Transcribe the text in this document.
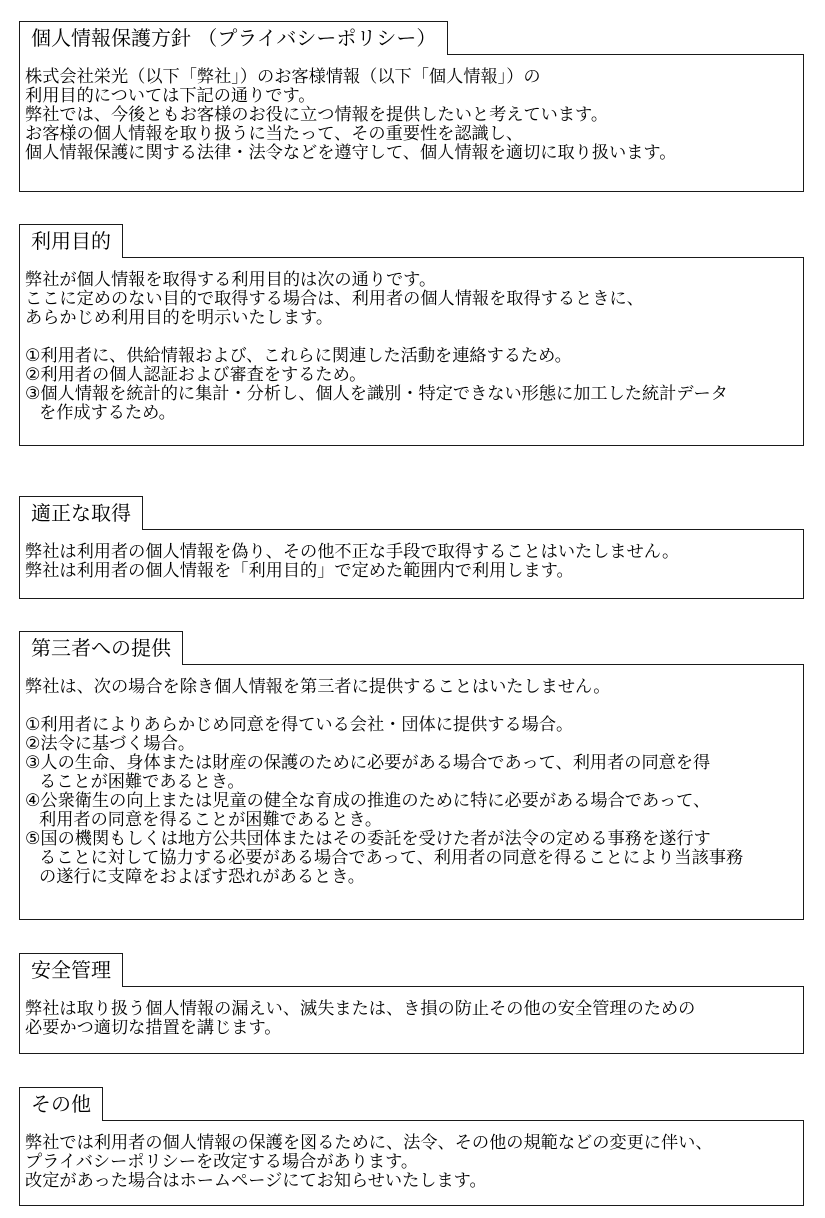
個人情報保護方針 （プライバシーポリシー）
株式会社栄光（以下「弊社」）のお客様情報（以下「個人情報」）の
利用目的については下記の通りです。
弊社では、今後ともお客様のお役に立つ情報を提供したいと考えています。
お客様の個人情報を取り扱うに当たって、その重要性を認識し、
個人情報保護に関する法律・法令などを遵守して、個人情報を適切に取り扱います。
利用目的
弊社が個人情報を取得する利用目的は次の通りです。
ここに定めのない目的で取得する場合は、利用者の個人情報を取得するときに、
あらかじめ利用目的を明示いたします。
①利用者に、供給情報および、これらに関連した活動を連絡するため。
②利用者の個人認証および審査をするため。
③個人情報を統計的に集計・分析し、個人を識別・特定できない形態に加工した統計データ
を作成するため。
適正な取得
弊社は利用者の個人情報を偽り、その他不正な手段で取得することはいたしません。
弊社は利用者の個人情報を「利用目的」で定めた範囲内で利用します。
第三者への提供
弊社は、次の場合を除き個人情報を第三者に提供することはいたしません。
①利用者によりあらかじめ同意を得ている会社・団体に提供する場合。
②法令に基づく場合。
③人の生命、身体または財産の保護のために必要がある場合であって、利用者の同意を得
ることが困難であるとき。
④公衆衛生の向上または児童の健全な育成の推進のために特に必要がある場合であって、
利用者の同意を得ることが困難であるとき。
⑤国の機関もしくは地方公共団体またはその委託を受けた者が法令の定める事務を遂行す
ることに対して協力する必要がある場合であって、利用者の同意を得ることにより当該事務
の遂行に支障をおよぼす恐れがあるとき。
安全管理
弊社は取り扱う個人情報の漏えい、滅失または、き損の防止その他の安全管理のための
必要かつ適切な措置を講じます。
その他
弊社では利用者の個人情報の保護を図るために、法令、その他の規範などの変更に伴い、
プライバシーポリシーを改定する場合があります。
改定があった場合はホームページにてお知らせいたします。
